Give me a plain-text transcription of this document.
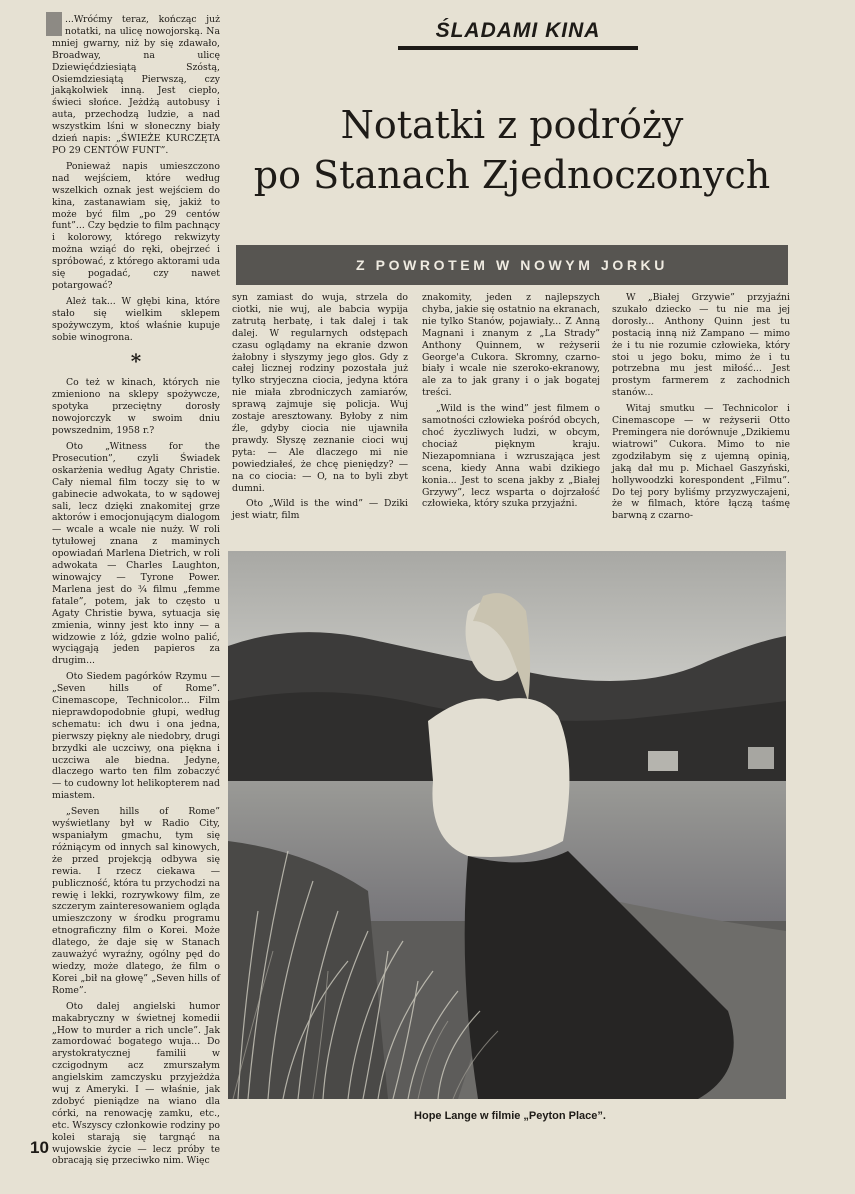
...Wróćmy teraz, kończąc już notatki, na ulicę nowojorską. Na mniej gwarny, niż by się zdawało, Broadway, na ulicę Dziewięćdziesiątą Szóstą, Osiemdziesiątą Pierwszą, czy jakąkolwiek inną. Jest ciepło, świeci słońce. Jeżdżą autobusy i auta, przechodzą ludzie, a nad wszystkim lśni w słoneczny biały dzień napis: „ŚWIEŻE KURCZĘTA PO 29 CENTÓW FUNT”.

Ponieważ napis umieszczono nad wejściem, które według wszelkich oznak jest wejściem do kina, zastanawiam się, jakiż to może być film „po 29 centów funt”... Czy będzie to film pachnący i kolorowy, którego rekwizyty można wziąć do ręki, obejrzeć i spróbować, z którego aktorami uda się pogadać, czy nawet potargować?

Ależ tak... W głębi kina, które stało się wielkim sklepem spożywczym, ktoś właśnie kupuje sobie winogrona.

*

Co też w kinach, których nie zmieniono na sklepy spożywcze, spotyka przeciętny dorosły nowojorczyk w swoim dniu powszednim, 1958 r.?

Oto „Witness for the Prosecution”, czyli Świadek oskarżenia według Agaty Christie. Cały niemal film toczy się to w gabinecie adwokata, to w sądowej sali, lecz dzięki znakomitej grze aktorów i emocjonującym dialogom — wcale a wcale nie nuży. W roli tytułowej znana z maminych opowiadań Marlena Dietrich, w roli adwokata — Charles Laughton, winowajcy — Tyrone Power. Marlena jest do ¾ filmu „femme fatale”, potem, jak to często u Agaty Christie bywa, sytuacja się zmienia, winny jest kto inny — a widzowie z lóż, gdzie wolno palić, wyciągają jeden papieros za drugim...

Oto Siedem pagórków Rzymu — „Seven hills of Rome”. Cinemascope, Technicolor... Film nieprawdopodobnie głupi, według schematu: ich dwu i ona jedna, pierwszy piękny ale niedobry, drugi brzydki ale uczciwy, ona piękna i uczciwa ale biedna. Jedyne, dlaczego warto ten film zobaczyć — to cudowny lot helikopterem nad miastem.

„Seven hills of Rome” wyświetlany był w Radio City, wspaniałym gmachu, tym się różniącym od innych sal kinowych, że przed projekcją odbywa się rewia. I rzecz ciekawa — publiczność, która tu przychodzi na rewię i lekki, rozrywkowy film, ze szczerym zainteresowaniem ogląda umieszczony w środku programu etnograficzny film o Korei. Może dlatego, że daje się w Stanach zauważyć wyraźny, ogólny pęd do wiedzy, może dlatego, że film o Korei „bił na głowę” „Seven hills of Rome”.

Oto dalej angielski humor makabryczny w świetnej komedii „How to murder a rich uncle”. Jak zamordować bogatego wuja... Do arystokratycznej familii w czcigodnym acz zmurszałym angielskim zamczysku przyjeżdża wuj z Ameryki. I — właśnie, jak zdobyć pieniądze na wiano dla córki, na renowację zamku, etc., etc. Wszyscy członkowie rodziny po kolei starają się targnąć na wujowskie życie — lecz próby te obracają się przeciwko nim. Więc

ŚLADAMI KINA
Notatki z podróży
po Stanach Zjednoczonych
Z POWROTEM W NOWYM JORKU

syn zamiast do wuja, strzela do ciotki, nie wuj, ale babcia wypija zatrutą herbatę, i tak dalej i tak dalej. W regularnych odstępach czasu oglądamy na ekranie dzwon żałobny i słyszymy jego głos. Gdy z całej licznej rodziny pozostała już tylko stryjeczna ciocia, jedyna która nie miała zbrodniczych zamiarów, sprawą zajmuje się policja. Wuj zostaje aresztowany. Byłoby z nim źle, gdyby ciocia nie ujawniła prawdy. Słyszę zeznanie cioci wuj pyta: — Ale dlaczego mi nie powiedziałeś, że chcę pieniędzy? — na co ciocia: — O, na to byli zbyt dumni.

Oto „Wild is the wind” — Dziki jest wiatr, film

znakomity, jeden z najlepszych chyba, jakie się ostatnio na ekranach, nie tylko Stanów, pojawiały... Z Anną Magnani i znanym z „La Strady” Anthony Quinnem, w reżyserii George'a Cukora. Skromny, czarno-biały i wcale nie szeroko-ekranowy, ale za to jak grany i o jak bogatej treści.

„Wild is the wind” jest filmem o samotności człowieka pośród obcych, choć życzliwych ludzi, w obcym, chociaż pięknym kraju. Niezapomniana i wzruszająca jest scena, kiedy Anna wabi dzikiego konia... Jest to scena jakby z „Białej Grzywy”, lecz wsparta o dojrzałość człowieka, który szuka przyjaźni.

W „Białej Grzywie” przyjaźni szukało dziecko — tu nie ma jej dorosły... Anthony Quinn jest tu postacią inną niż Zampano — mimo że i tu nie rozumie człowieka, który stoi u jego boku, mimo że i tu potrzebna mu jest miłość... Jest prostym farmerem z zachodnich stanów...

Witaj smutku — Technicolor i Cinemascope — w reżyserii Otto Premingera nie dorównuje „Dzikiemu wiatrowi” Cukora. Mimo to nie zgodziłabym się z ujemną opinią, jaką dał mu p. Michael Gaszyński, hollywoodzki korespondent „Filmu”. Do tej pory byliśmy przyzwyczajeni, że w filmach, które łączą taśmę barwną z czarno-

Hope Lange w filmie „Peyton Place”.
10
